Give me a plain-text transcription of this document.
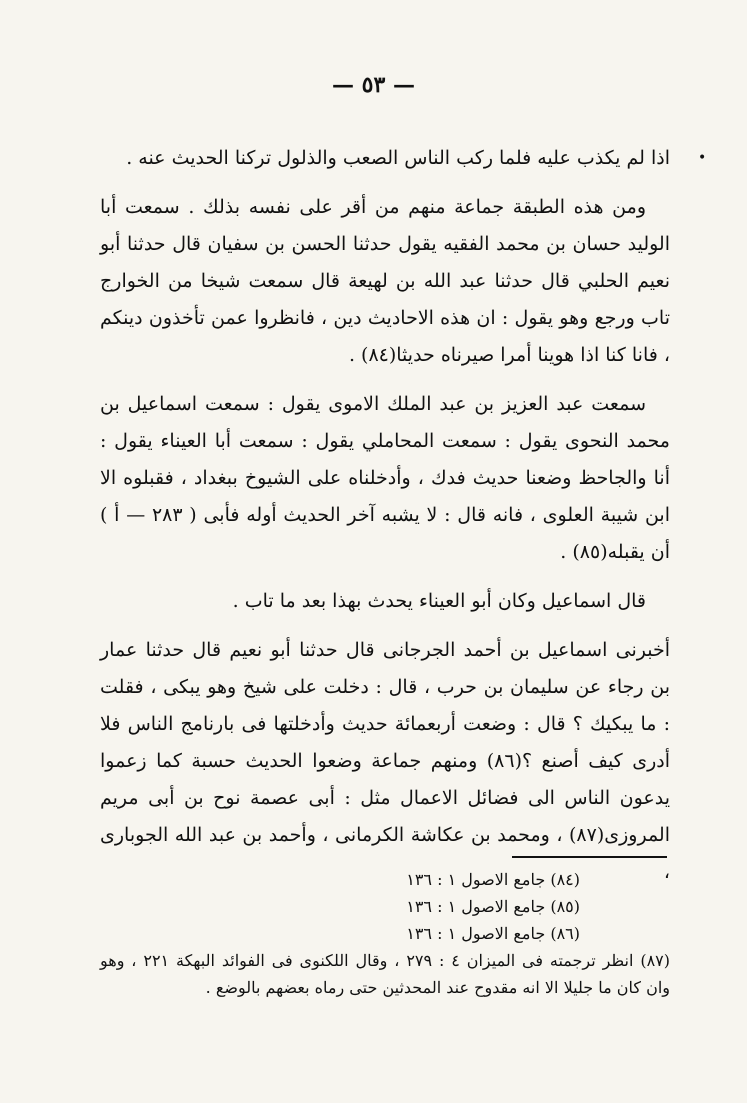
— ٥٣ —
•

اذا لم يكذب عليه فلما ركب الناس الصعب والذلول تركنا الحديث عنه .

ومن هذه الطبقة جماعة منهم من أقر على نفسه بذلك . سمعت أبا الوليد حسان بن محمد الفقيه يقول حدثنا الحسن بن سفيان قال حدثنا أبو نعيم الحلبي قال حدثنا عبد الله بن لهيعة قال سمعت شيخا من الخوارج تاب ورجع وهو يقول : ان هذه الاحاديث دين ، فانظروا عمن تأخذون دينكم ، فانا كنا اذا هوينا أمرا صيرناه حديثا(٨٤) .

سمعت عبد العزيز بن عبد الملك الاموى يقول : سمعت اسماعيل بن محمد النحوى يقول : سمعت المحاملي يقول : سمعت أبا العيناء يقول : أنا والجاحظ وضعنا حديث فدك ، وأدخلناه على الشيوخ ببغداد ، فقبلوه الا ابن شيبة العلوى ، فانه قال : لا يشبه آخر الحديث أوله فأبى ( ٢٨٣ — أ ) أن يقبله(٨٥) .

قال اسماعيل وكان أبو العيناء يحدث بهذا بعد ما تاب .

أخبرنى اسماعيل بن أحمد الجرجانى قال حدثنا أبو نعيم قال حدثنا عمار بن رجاء عن سليمان بن حرب ، قال : دخلت على شيخ وهو يبكى ، فقلت : ما يبكيك ؟ قال : وضعت أربعمائة حديث وأدخلتها فى بارنامج الناس فلا أدرى كيف أصنع ؟(٨٦) ومنهم جماعة وضعوا الحديث حسبة كما زعموا يدعون الناس الى فضائل الاعمال مثل : أبى عصمة نوح بن أبى مريم المروزى(٨٧) ، ومحمد بن عكاشة الكرمانى ، وأحمد بن عبد الله الجوبارى ،

(٨٤) جامع الاصول ١ : ١٣٦
(٨٥) جامع الاصول ١ : ١٣٦
(٨٦) جامع الاصول ١ : ١٣٦
(٨٧) انظر ترجمته فى الميزان ٤ : ٢٧٩ ، وقال اللكنوى فى الفوائد البهكة ٢٢١ ، وهو وان كان ما جليلا الا انه مقدوح عند المحدثين حتى رماه بعضهم بالوضع .
